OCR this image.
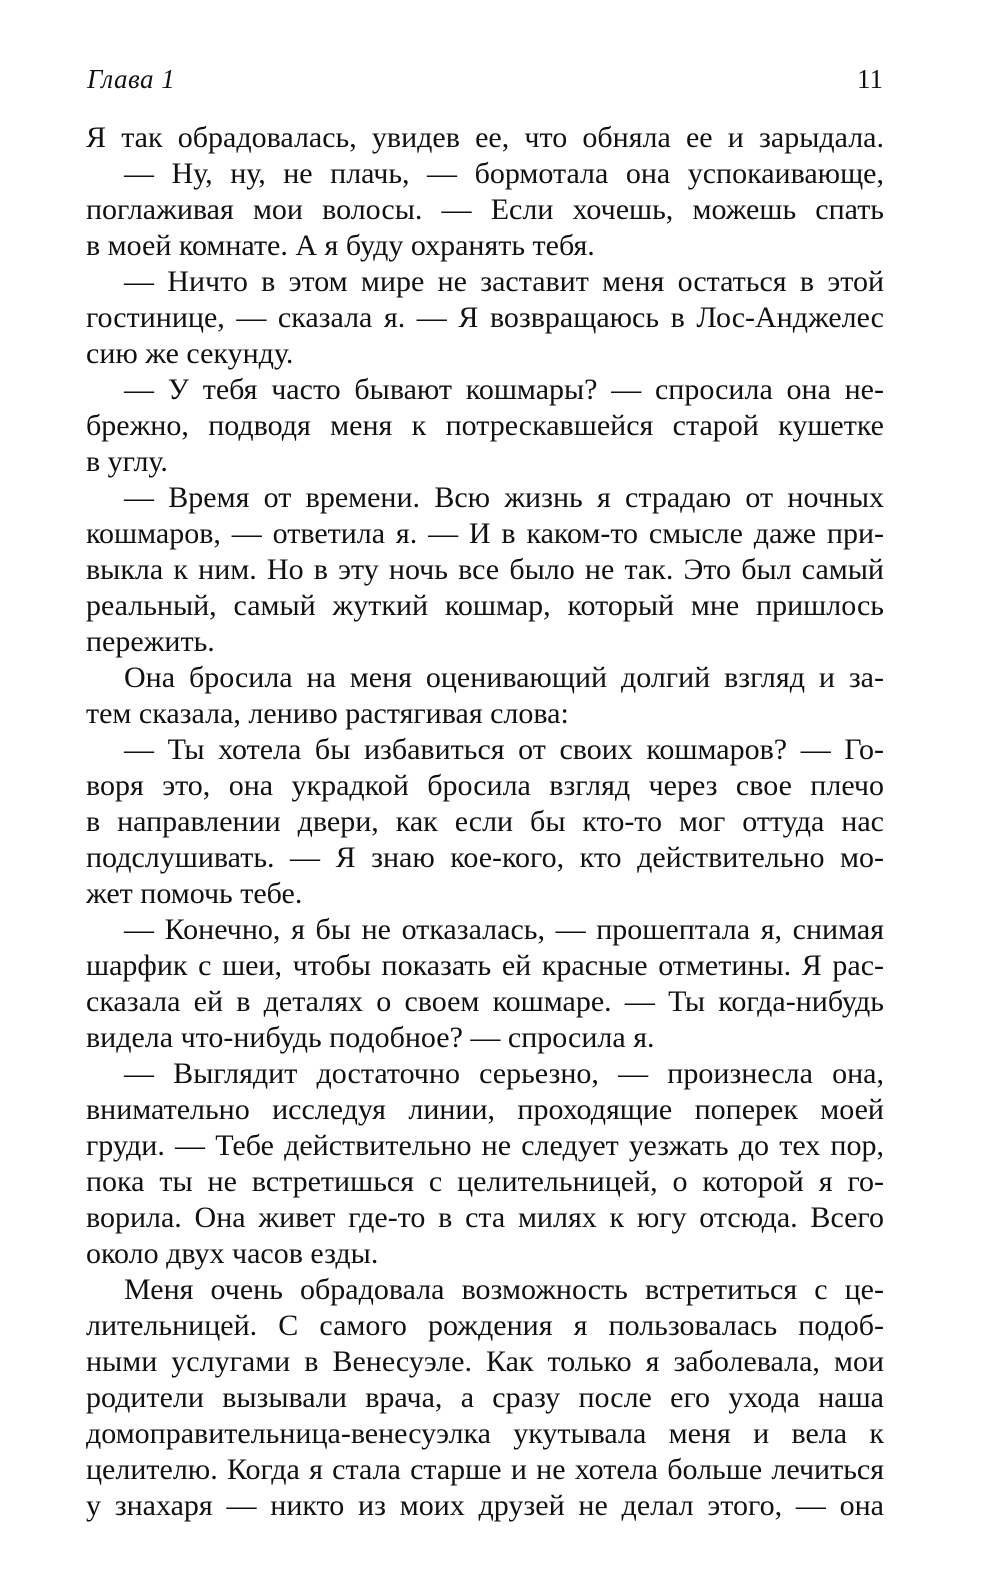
Глава 1	11
Я так обрадовалась, увидев ее, что обняла ее и зарыдала.
— Ну, ну, не плачь, — бормотала она успокаивающе,
поглаживая мои волосы. — Если хочешь, можешь спать
в моей комнате. А я буду охранять тебя.
— Ничто в этом мире не заставит меня остаться в этой
гостинице, — сказала я. — Я возвращаюсь в Лос-Анджелес
сию же секунду.
— У тебя часто бывают кошмары? — спросила она не-
брежно, подводя меня к потрескавшейся старой кушетке
в углу.
— Время от времени. Всю жизнь я страдаю от ночных
кошмаров, — ответила я. — И в каком-то смысле даже при-
выкла к ним. Но в эту ночь все было не так. Это был самый
реальный, самый жуткий кошмар, который мне пришлось
пережить.
Она бросила на меня оценивающий долгий взгляд и за-
тем сказала, лениво растягивая слова:
— Ты хотела бы избавиться от своих кошмаров? — Го-
воря это, она украдкой бросила взгляд через свое плечо
в направлении двери, как если бы кто-то мог оттуда нас
подслушивать. — Я знаю кое-кого, кто действительно мо-
жет помочь тебе.
— Конечно, я бы не отказалась, — прошептала я, снимая
шарфик с шеи, чтобы показать ей красные отметины. Я рас-
сказала ей в деталях о своем кошмаре. — Ты когда-нибудь
видела что-нибудь подобное? — спросила я.
— Выглядит достаточно серьезно, — произнесла она,
внимательно исследуя линии, проходящие поперек моей
груди. — Тебе действительно не следует уезжать до тех пор,
пока ты не встретишься с целительницей, о которой я го-
ворила. Она живет где-то в ста милях к югу отсюда. Всего
около двух часов езды.
Меня очень обрадовала возможность встретиться с це-
лительницей. С самого рождения я пользовалась подоб-
ными услугами в Венесуэле. Как только я заболевала, мои
родители вызывали врача, а сразу после его ухода наша
домоправительница-венесуэлка укутывала меня и вела к
целителю. Когда я стала старше и не хотела больше лечиться
у знахаря — никто из моих друзей не делал этого, — она
